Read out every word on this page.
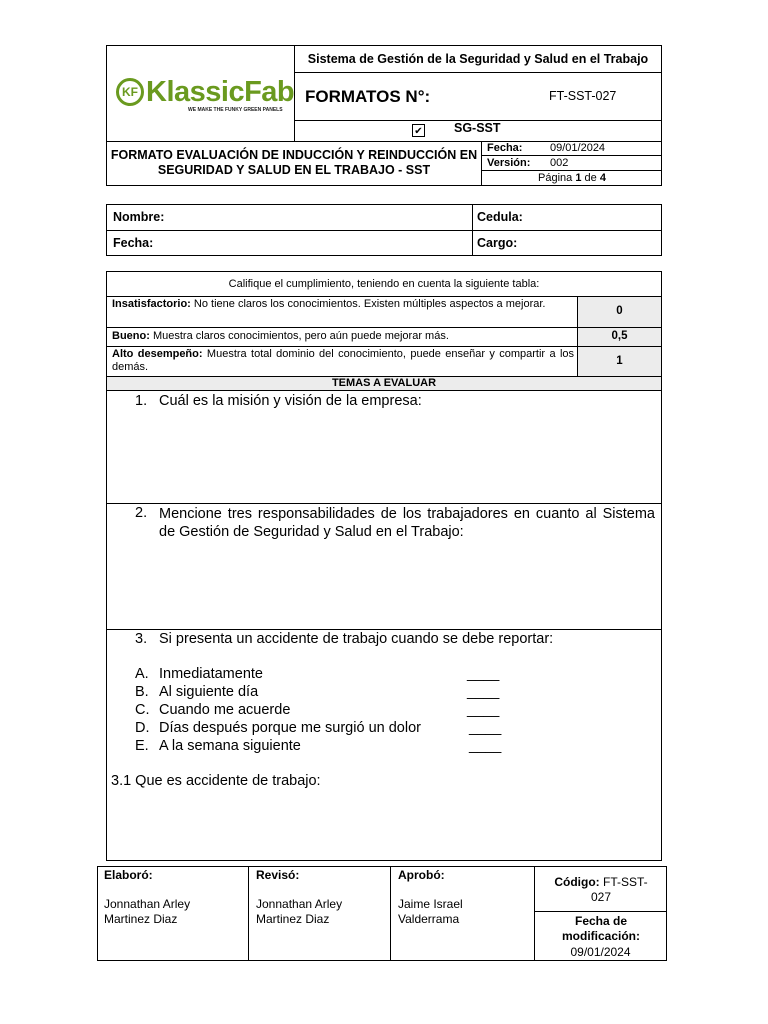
Sistema de Gestión de la Seguridad y Salud en el Trabajo
KF KlassicFab
WE MAKE THE FUNKY GREEN PANELS
FORMATOS N°:	FT-SST-027
✔	SG-SST
FORMATO EVALUACIÓN DE INDUCCIÓN Y REINDUCCIÓN EN SEGURIDAD Y SALUD EN EL TRABAJO - SST
Fecha:	09/01/2024
Versión: 002
Página 1 de 4
Nombre:	Cedula:
Fecha:	Cargo:
Califique el cumplimiento, teniendo en cuenta la siguiente tabla:
Insatisfactorio: No tiene claros los conocimientos. Existen múltiples aspectos a mejorar.
0
Bueno: Muestra claros conocimientos, pero aún puede mejorar más.	0,5
Alto desempeño: Muestra total dominio del conocimiento, puede enseñar y compartir a los demás.	1
TEMAS A EVALUAR
1. Cuál es la misión y visión de la empresa:
2. Mencione tres responsabilidades de los trabajadores en cuanto al Sistema de Gestión de Seguridad y Salud en el Trabajo:
3. Si presenta un accidente de trabajo cuando se debe reportar:
A. Inmediatamente	____
B. Al siguiente día	____
C. Cuando me acuerde	____
D. Días después porque me surgió un dolor	____
E. A la semana siguiente	____
3.1 Que es accidente de trabajo:
Elaboró:
Jonnathan Arley Martinez Diaz
Revisó:
Jonnathan Arley Martinez Diaz
Aprobó:
Jaime Israel Valderrama
Código: FT-SST-027
Fecha de modificación:
09/01/2024
